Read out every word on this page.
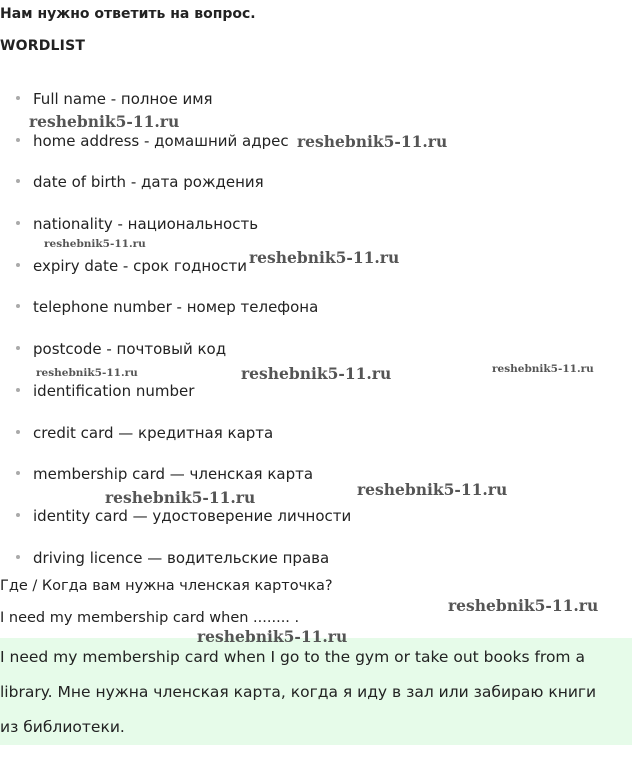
Нам нужно ответить на вопрос.
WORDLIST
Full name - полное имя
home address - домашний адрес
date of birth - дата рождения
nationality - национальность
expiry date - срок годности
telephone number - номер телефона
postcode - почтовый код
identification number
credit card — кредитная карта
membership card — членская карта
identity card — удостоверение личности
driving licence — водительские права
Где / Когда вам нужна членская карточка?
I need my membership card when ........ .
I need my membership card when I go to the gym or take out books from a
library. Мне нужна членская карта, когда я иду в зал или забираю книги
из библиотеки.
reshebnik5-11.ru
reshebnik5-11.ru
reshebnik5-11.ru
reshebnik5-11.ru
reshebnik5-11.ru	reshebnik5-11.ru	reshebnik5-11.ru
reshebnik5-11.ru	reshebnik5-11.ru
reshebnik5-11.ru
reshebnik5-11.ru
